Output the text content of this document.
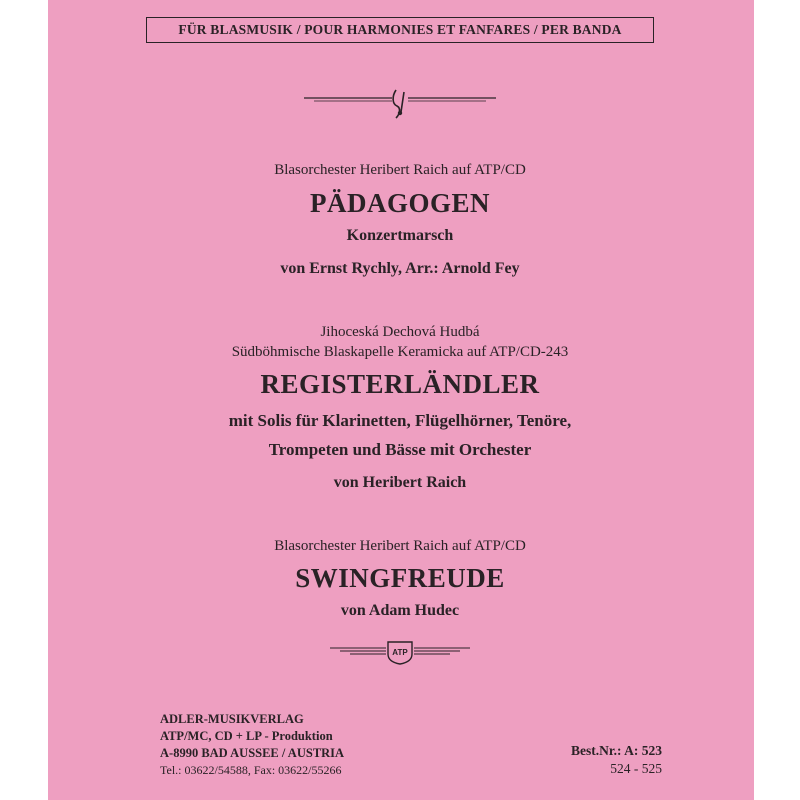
FÜR BLASMUSIK / POUR HARMONIES ET FANFARES / PER BANDA
Blasorchester Heribert Raich auf ATP/CD
PÄDAGOGEN
Konzertmarsch
von Ernst Rychly, Arr.: Arnold Fey
Jihoceská Dechová Hudbá
Südböhmische Blaskapelle Keramicka auf ATP/CD-243
REGISTERLÄNDLER
mit Solis für Klarinetten, Flügelhörner, Tenöre,
Trompeten und Bässe mit Orchester
von Heribert Raich
Blasorchester Heribert Raich auf ATP/CD
SWINGFREUDE
von Adam Hudec
ATP
ADLER-MUSIKVERLAG
ATP/MC, CD + LP - Produktion
A-8990 BAD AUSSEE / AUSTRIA
Tel.: 03622/54588, Fax: 03622/55266
Best.Nr.: A: 523
524 - 525
